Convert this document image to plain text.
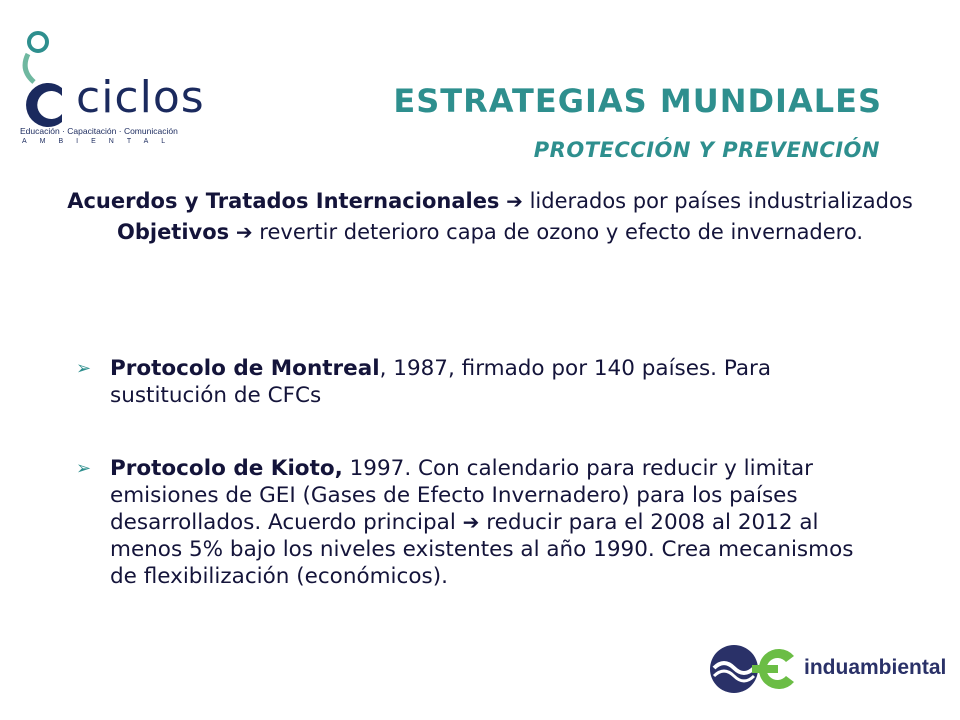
ciclos
Educación · Capacitación · Comunicación
AMBIENTAL
ESTRATEGIAS MUNDIALES
PROTECCIÓN Y PREVENCIÓN

Acuerdos y Tratados Internacionales ➔ liderados por países industrializados

Objetivos ➔ revertir deterioro capa de ozono y efecto de invernadero.

➢ Protocolo de Montreal, 1987, firmado por 140 países. Para sustitución de CFCs
➢ Protocolo de Kioto, 1997. Con calendario para reducir y limitar emisiones de GEI (Gases de Efecto Invernadero) para los países desarrollados. Acuerdo principal ➔ reducir para el 2008 al 2012 al menos 5% bajo los niveles existentes al año 1990. Crea mecanismos de flexibilización (económicos).
induambiental
